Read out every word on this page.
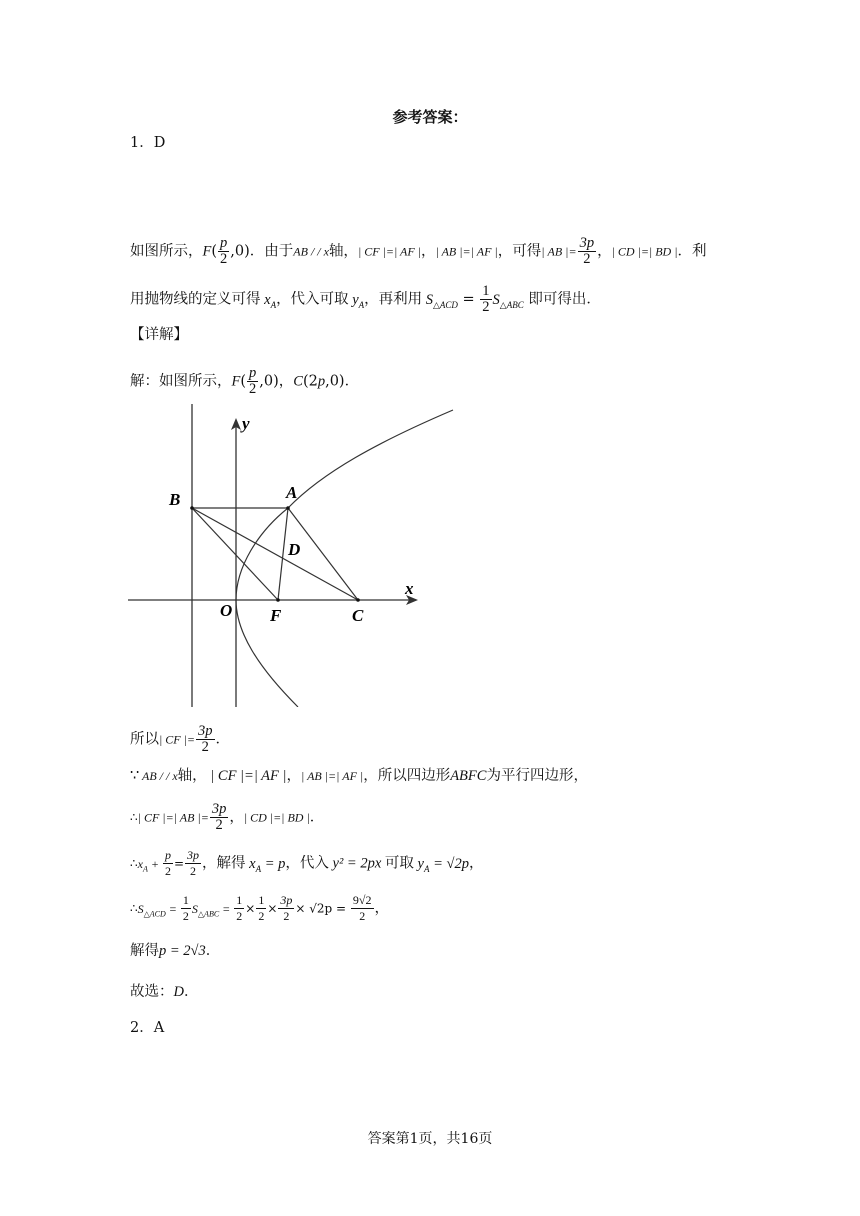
参考答案：
1．D
如图所示，$F( \frac{p}{2} ,0)$．由于AB / / x轴，| CF |=| AF |，| AB |=| AF |，可得| AB |= $\frac{3p}{2}$ ，| CD |=| BD |．利
用抛物线的定义可得 $x_A$，代入可取 $y_A$，再利用 $S_{\triangle ACD} = \frac{1}{2} S_{\triangle ABC}$ 即可得出．
【详解】
解：如图所示，$F( \frac{p}{2} ,0)$，C(2p,0)．
y
x
A
B
D
O F	C
所以| CF |= $\frac{3p}{2}$ ．
∵ AB / / x轴， | CF |=| AF |，| AB |=| AF |，所以四边形ABFC为平行四边形，
∴| CF |=| AB |= $\frac{3p}{2}$ ，| CD |=| BD |．
$\therefore x_A + \frac{p}{2} = \frac{3p}{2}$ ，解得 $x_A = p$，代入 y² = 2px 可取 $y_A = √2p$，
$\therefore S_{\triangle ACD} = \frac{1}{2} S_{\triangle ABC} = \frac{1}{2} \times \frac{1}{2} \times \frac{3p}{2} \times √2p = \frac{9√2}{2}$ ，
解得p = 2√3．
故选：D．
2．A
答案第1页，共16页
